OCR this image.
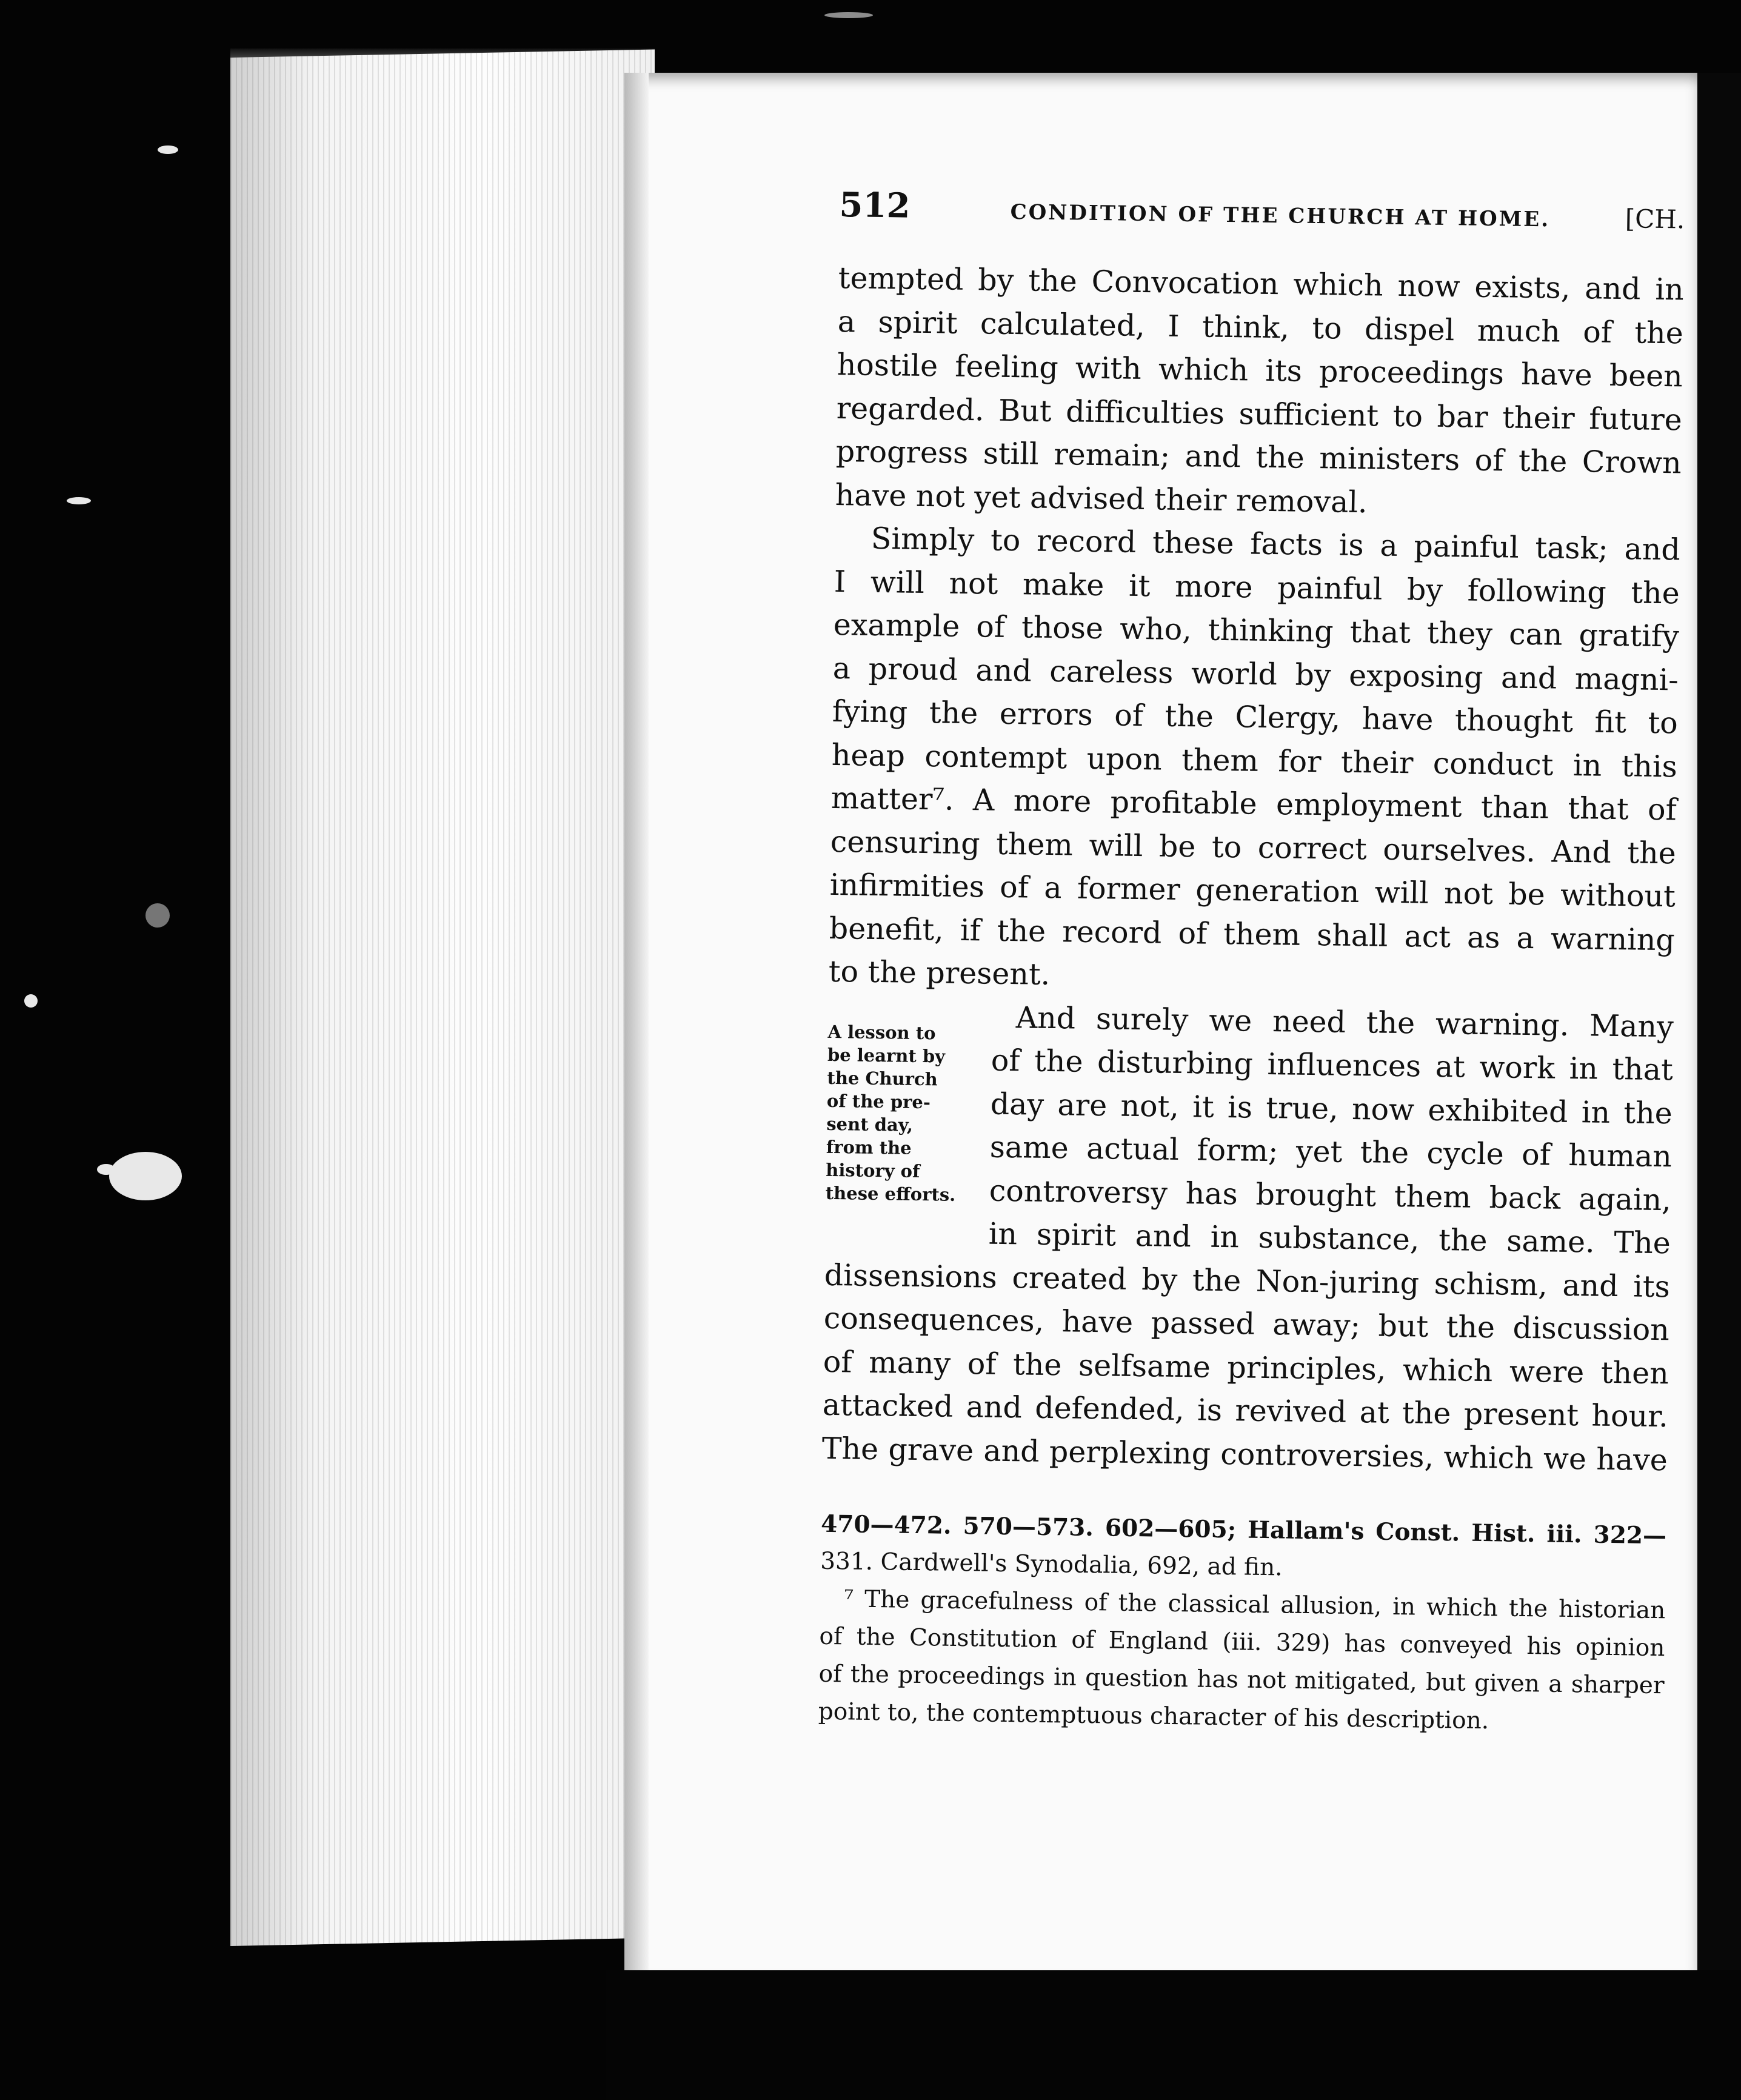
512	CONDITION OF THE CHURCH AT HOME.	[CH.
tempted by the Convocation which now exists, and in
a spirit calculated, I think, to dispel much of the
hostile feeling with which its proceedings have been
regarded. But difficulties sufficient to bar their future
progress still remain; and the ministers of the Crown
have not yet advised their removal.
Simply to record these facts is a painful task; and
I will not make it more painful by following the
example of those who, thinking that they can gratify
a proud and careless world by exposing and magni-
fying the errors of the Clergy, have thought fit to
heap contempt upon them for their conduct in this
matter⁷. A more profitable employment than that of
censuring them will be to correct ourselves. And the
infirmities of a former generation will not be without
benefit, if the record of them shall act as a warning
to the present.
A lesson to
be learnt by
the Church
of the pre-
sent day,
from the
history of
these efforts.
And surely we need the warning. Many
of the disturbing influences at work in that
day are not, it is true, now exhibited in the
same actual form; yet the cycle of human
controversy has brought them back again,
in spirit and in substance, the same. The
dissensions created by the Non-juring schism, and its
consequences, have passed away; but the discussion
of many of the selfsame principles, which were then
attacked and defended, is revived at the present hour.
The grave and perplexing controversies, which we have
470—472. 570—573. 602—605; Hallam's Const. Hist. iii. 322—
331. Cardwell's Synodalia, 692, ad fin.
⁷ The gracefulness of the classical allusion, in which the historian
of the Constitution of England (iii. 329) has conveyed his opinion
of the proceedings in question has not mitigated, but given a sharper
point to, the contemptuous character of his description.
